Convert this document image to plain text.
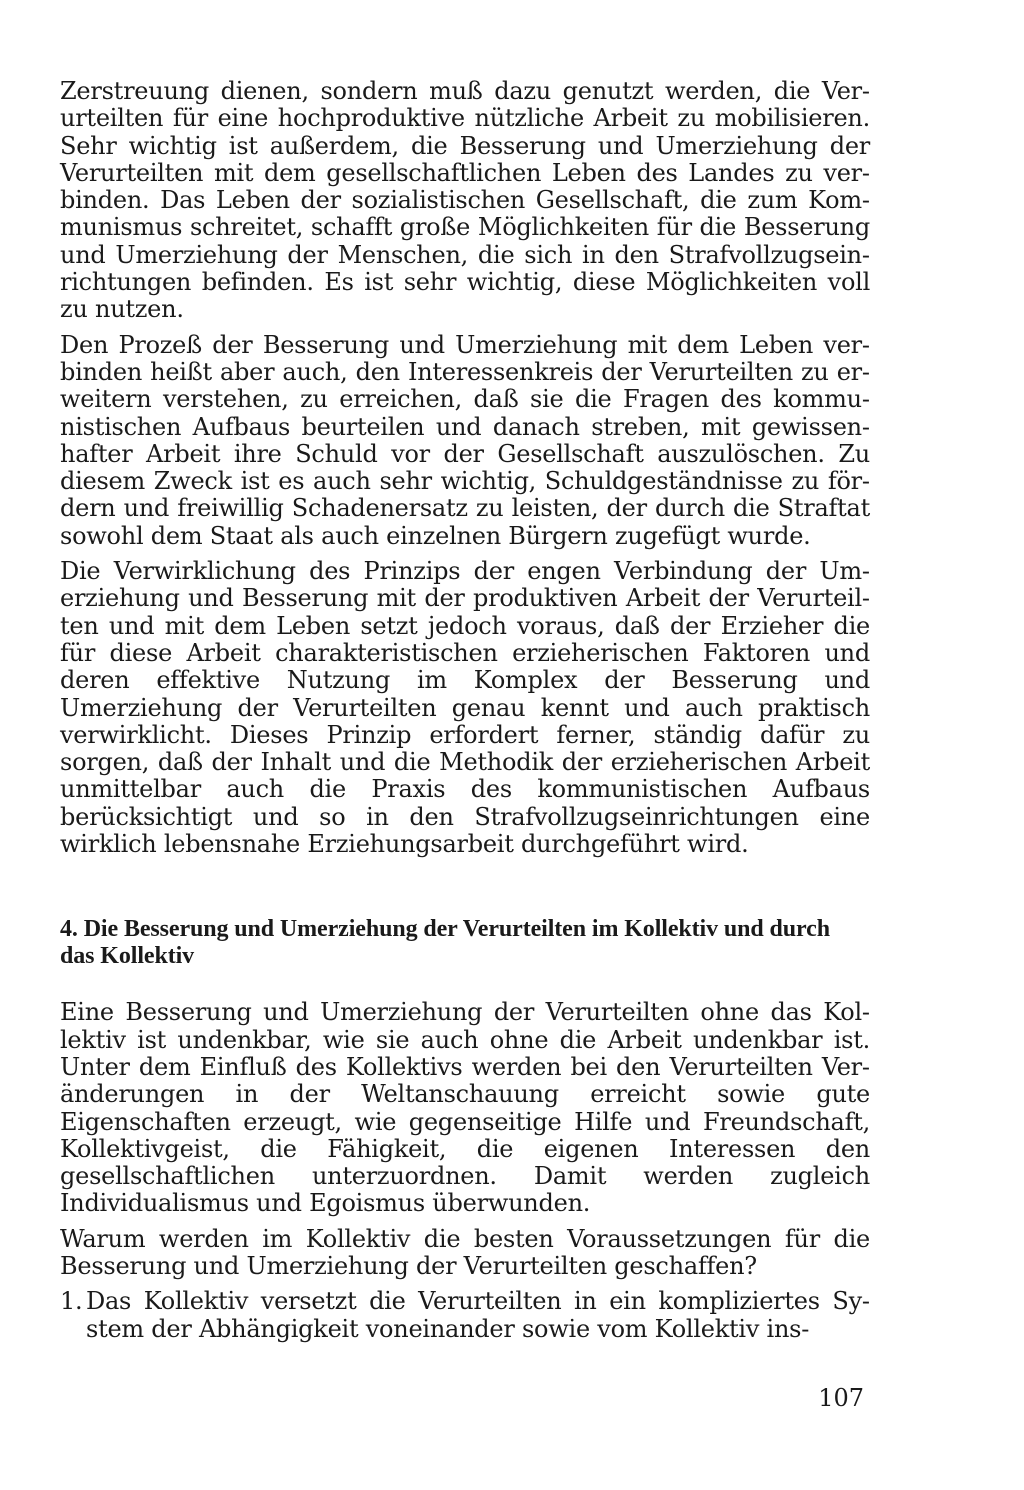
Zerstreuung dienen, sondern muß dazu genutzt werden, die Verurteilten für eine hochproduktive nützliche Arbeit zu mobilisieren. Sehr wichtig ist außerdem, die Besserung und Umerziehung der Verurteilten mit dem gesellschaftlichen Leben des Landes zu verbinden. Das Leben der sozialistischen Gesellschaft, die zum Kommunismus schreitet, schafft große Möglichkeiten für die Besserung und Umerziehung der Menschen, die sich in den Strafvollzugseinrichtungen befinden. Es ist sehr wichtig, diese Möglichkeiten voll zu nutzen.

Den Prozeß der Besserung und Umerziehung mit dem Leben verbinden heißt aber auch, den Interessenkreis der Verurteilten zu erweitern verstehen, zu erreichen, daß sie die Fragen des kommunistischen Aufbaus beurteilen und danach streben, mit gewissenhafter Arbeit ihre Schuld vor der Gesellschaft auszulöschen. Zu diesem Zweck ist es auch sehr wichtig, Schuldgeständnisse zu fördern und freiwillig Schadenersatz zu leisten, der durch die Straftat sowohl dem Staat als auch einzelnen Bürgern zugefügt wurde.

Die Verwirklichung des Prinzips der engen Verbindung der Umerziehung und Besserung mit der produktiven Arbeit der Verurteilten und mit dem Leben setzt jedoch voraus, daß der Erzieher die für diese Arbeit charakteristischen erzieherischen Faktoren und deren effektive Nutzung im Komplex der Besserung und Umerziehung der Verurteilten genau kennt und auch praktisch verwirklicht. Dieses Prinzip erfordert ferner, ständig dafür zu sorgen, daß der Inhalt und die Methodik der erzieherischen Arbeit unmittelbar auch die Praxis des kommunistischen Aufbaus berücksichtigt und so in den Strafvollzugseinrichtungen eine wirklich lebensnahe Erziehungsarbeit durchgeführt wird.

4. Die Besserung und Umerziehung der Verurteilten im Kollektiv und durch das Kollektiv

Eine Besserung und Umerziehung der Verurteilten ohne das Kollektiv ist undenkbar, wie sie auch ohne die Arbeit undenkbar ist. Unter dem Einfluß des Kollektivs werden bei den Verurteilten Veränderungen in der Weltanschauung erreicht sowie gute Eigenschaften erzeugt, wie gegenseitige Hilfe und Freundschaft, Kollektivgeist, die Fähigkeit, die eigenen Interessen den gesellschaftlichen unterzuordnen. Damit werden zugleich Individualismus und Egoismus überwunden.

Warum werden im Kollektiv die besten Voraussetzungen für die Besserung und Umerziehung der Verurteilten geschaffen?

1. Das Kollektiv versetzt die Verurteilten in ein kompliziertes System der Abhängigkeit voneinander sowie vom Kollektiv ins-
107
